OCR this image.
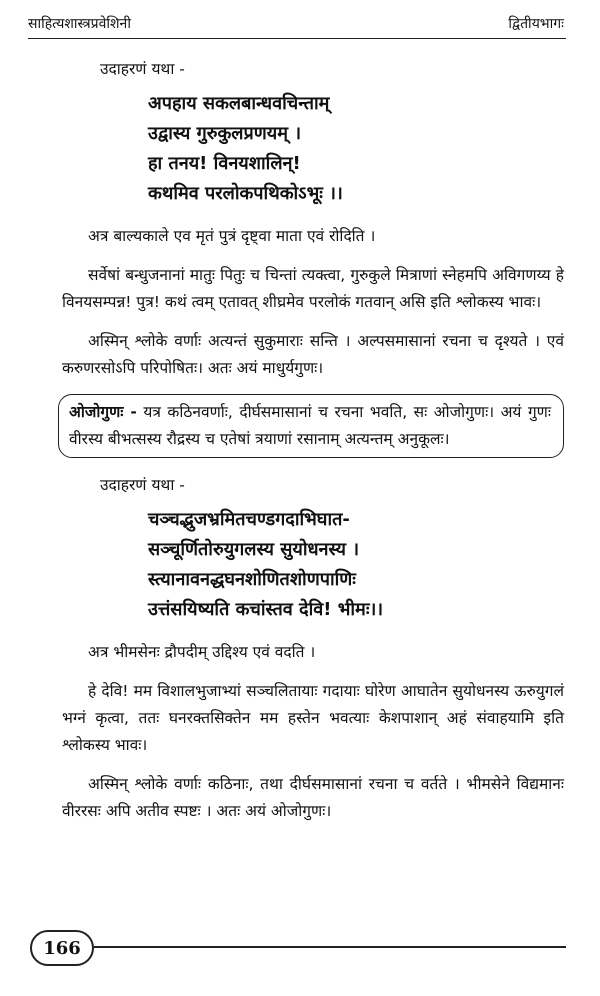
साहित्यशास्त्रप्रवेशिनी	द्वितीयभागः
उदाहरणं यथा -
अपहाय सकलबान्धवचिन्ताम्
उद्वास्य गुरुकुलप्रणयम् ।
हा तनय! विनयशालिन्!
कथमिव परलोकपथिकोऽभूः ।।

अत्र बाल्यकाले एव मृतं पुत्रं दृष्ट्वा माता एवं रोदिति ।

सर्वेषां बन्धुजनानां मातुः पितुः च चिन्तां त्यक्त्वा, गुरुकुले मित्राणां स्नेहमपि अविगणय्य हे विनयसम्पन्न! पुत्र! कथं त्वम् एतावत् शीघ्रमेव परलोकं गतवान् असि इति श्लोकस्य भावः।

अस्मिन् श्लोके वर्णाः अत्यन्तं सुकुमाराः सन्ति । अल्पसमासानां रचना च दृश्यते । एवं करुणरसोऽपि परिपोषितः। अतः अयं माधुर्यगुणः।

ओजोगुणः - यत्र कठिनवर्णाः, दीर्घसमासानां च रचना भवति, सः ओजोगुणः। अयं गुणः वीरस्य बीभत्सस्य रौद्रस्य च एतेषां त्रयाणां रसानाम् अत्यन्तम् अनुकूलः।
उदाहरणं यथा -
चञ्चद्भुजभ्रमितचण्डगदाभिघात-
सञ्चूर्णितोरुयुगलस्य सुयोधनस्य ।
स्त्यानावनद्धघनशोणितशोणपाणिः
उत्तंसयिष्यति कचांस्तव देवि! भीमः।।

अत्र भीमसेनः द्रौपदीम् उद्दिश्य एवं वदति ।

हे देवि! मम विशालभुजाभ्यां सञ्चलितायाः गदायाः घोरेण आघातेन सुयोधनस्य ऊरुयुगलं भग्नं कृत्वा, ततः घनरक्तसिक्तेन मम हस्तेन भवत्याः केशपाशान् अहं संवाहयामि इति श्लोकस्य भावः।

अस्मिन् श्लोके वर्णाः कठिनाः, तथा दीर्घसमासानां रचना च वर्तते । भीमसेने विद्यमानः वीररसः अपि अतीव स्पष्टः । अतः अयं ओजोगुणः।

166
